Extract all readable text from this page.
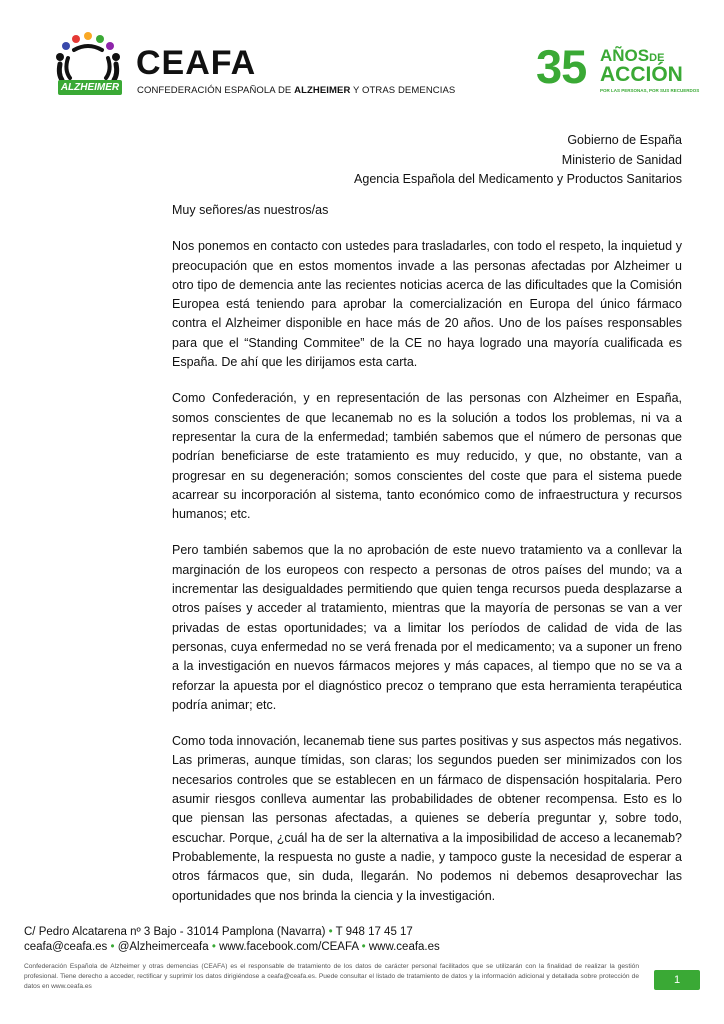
ALZHEIMER
CEAFA
CONFEDERACIÓN ESPAÑOLA DE ALZHEIMER Y OTRAS DEMENCIAS 35 AÑOSDE
ACCIÓN
POR LAS PERSONAS, POR SUS RECUERDOS
Gobierno de España
Ministerio de Sanidad
Agencia Española del Medicamento y Productos Sanitarios

Muy señores/as nuestros/as

Nos ponemos en contacto con ustedes para trasladarles, con todo el respeto, la inquietud y preocupación que en estos momentos invade a las personas afectadas por Alzheimer u otro tipo de demencia ante las recientes noticias acerca de las dificultades que la Comisión Europea está teniendo para aprobar la comercialización en Europa del único fármaco contra el Alzheimer disponible en hace más de 20 años. Uno de los países responsables para que el “Standing Commitee” de la CE no haya logrado una mayoría cualificada es España. De ahí que les dirijamos esta carta.

Como Confederación, y en representación de las personas con Alzheimer en España, somos conscientes de que lecanemab no es la solución a todos los problemas, ni va a representar la cura de la enfermedad; también sabemos que el número de personas que podrían beneficiarse de este tratamiento es muy reducido, y que, no obstante, van a progresar en su degeneración; somos conscientes del coste que para el sistema puede acarrear su incorporación al sistema, tanto económico como de infraestructura y recursos humanos; etc.

Pero también sabemos que la no aprobación de este nuevo tratamiento va a conllevar la marginación de los europeos con respecto a personas de otros países del mundo; va a incrementar las desigualdades permitiendo que quien tenga recursos pueda desplazarse a otros países y acceder al tratamiento, mientras que la mayoría de personas se van a ver privadas de estas oportunidades; va a limitar los períodos de calidad de vida de las personas, cuya enfermedad no se verá frenada por el medicamento; va a suponer un freno a la investigación en nuevos fármacos mejores y más capaces, al tiempo que no se va a reforzar la apuesta por el diagnóstico precoz o temprano que esta herramienta terapéutica podría animar; etc.

Como toda innovación, lecanemab tiene sus partes positivas y sus aspectos más negativos. Las primeras, aunque tímidas, son claras; los segundos pueden ser minimizados con los necesarios controles que se establecen en un fármaco de dispensación hospitalaria. Pero asumir riesgos conlleva aumentar las probabilidades de obtener recompensa. Esto es lo que piensan las personas afectadas, a quienes se debería preguntar y, sobre todo, escuchar. Porque, ¿cuál ha de ser la alternativa a la imposibilidad de acceso a lecanemab? Probablemente, la respuesta no guste a nadie, y tampoco guste la necesidad de esperar a otros fármacos que, sin duda, llegarán. No podemos ni debemos desaprovechar las oportunidades que nos brinda la ciencia y la investigación.

C/ Pedro Alcatarena nº 3 Bajo - 31014 Pamplona (Navarra) • T 948 17 45 17
ceafa@ceafa.es • @Alzheimerceafa • www.facebook.com/CEAFA • www.ceafa.es
Confederación Española de Alzheimer y otras demencias (CEAFA) es el responsable de tratamiento de los datos de carácter personal facilitados que se utilizarán con la finalidad de realizar la gestión profesional. Tiene derecho a acceder, rectificar y suprimir los datos dirigiéndose a ceafa@ceafa.es. Puede consultar el listado de tratamiento de datos y la información adicional y detallada sobre protección de datos en www.ceafa.es
1
